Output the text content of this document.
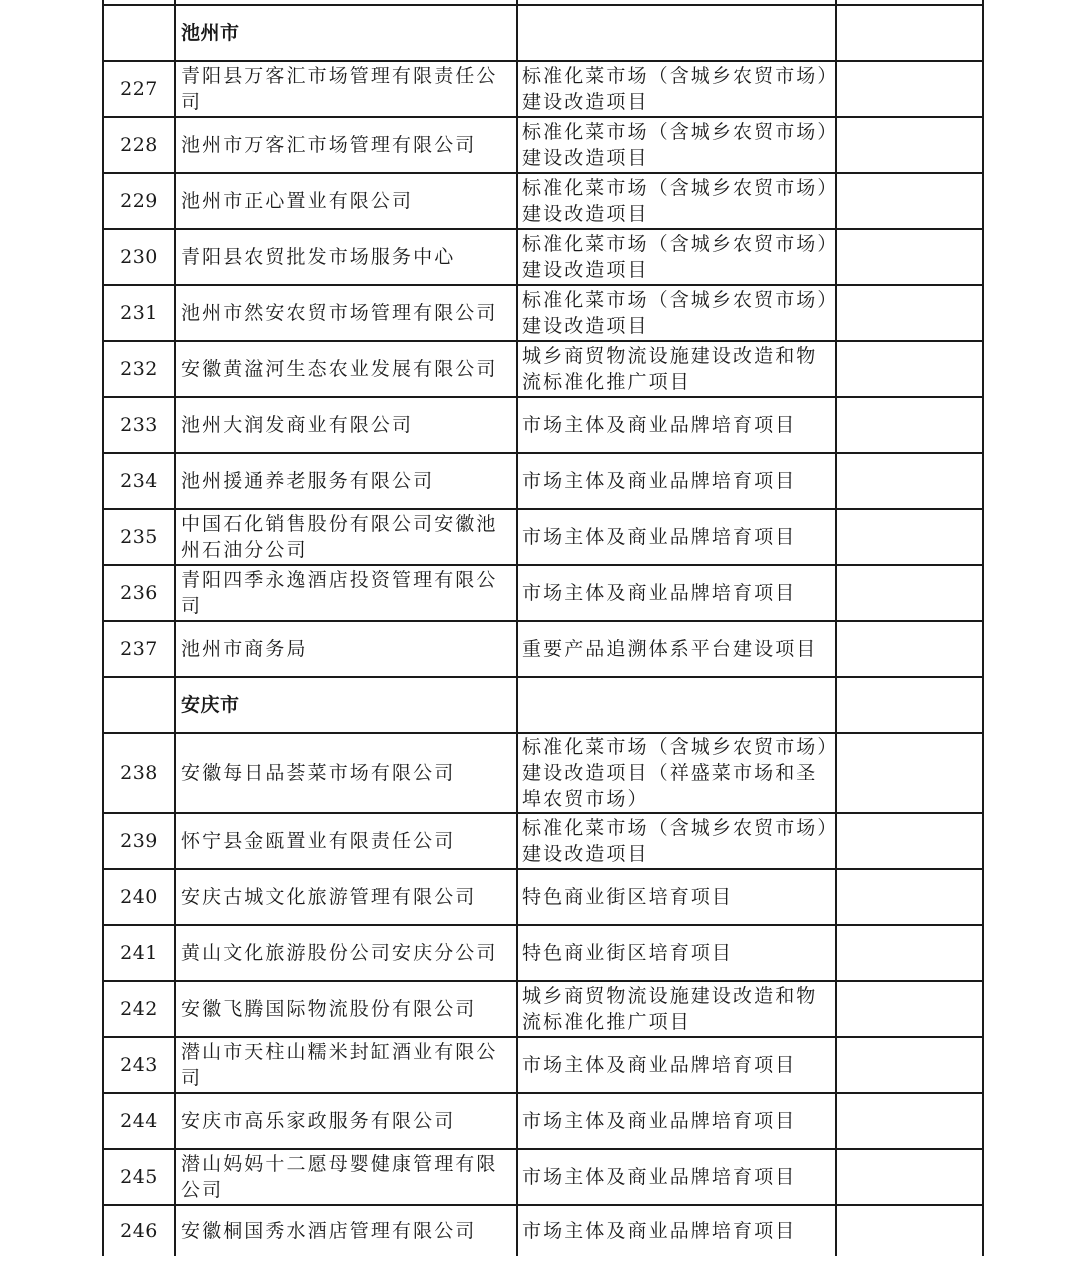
	池州市		
227	青阳县万客汇市场管理有限责任公司	标准化菜市场（含城乡农贸市场）建设改造项目	
228	池州市万客汇市场管理有限公司	标准化菜市场（含城乡农贸市场）建设改造项目	
229	池州市正心置业有限公司	标准化菜市场（含城乡农贸市场）建设改造项目	
230	青阳县农贸批发市场服务中心	标准化菜市场（含城乡农贸市场）建设改造项目	
231	池州市然安农贸市场管理有限公司	标准化菜市场（含城乡农贸市场）建设改造项目	
232	安徽黄湓河生态农业发展有限公司	城乡商贸物流设施建设改造和物流标准化推广项目	
233	池州大润发商业有限公司	市场主体及商业品牌培育项目	
234	池州援通养老服务有限公司	市场主体及商业品牌培育项目	
235	中国石化销售股份有限公司安徽池州石油分公司	市场主体及商业品牌培育项目	
236	青阳四季永逸酒店投资管理有限公司	市场主体及商业品牌培育项目	
237	池州市商务局	重要产品追溯体系平台建设项目	
	安庆市		
238	安徽每日品荟菜市场有限公司	标准化菜市场（含城乡农贸市场）建设改造项目（祥盛菜市场和圣埠农贸市场）	
239	怀宁县金瓯置业有限责任公司	标准化菜市场（含城乡农贸市场）建设改造项目	
240	安庆古城文化旅游管理有限公司	特色商业街区培育项目	
241	黄山文化旅游股份公司安庆分公司	特色商业街区培育项目	
242	安徽飞腾国际物流股份有限公司	城乡商贸物流设施建设改造和物流标准化推广项目	
243	潜山市天柱山糯米封缸酒业有限公司	市场主体及商业品牌培育项目	
244	安庆市高乐家政服务有限公司	市场主体及商业品牌培育项目	
245	潜山妈妈十二愿母婴健康管理有限公司	市场主体及商业品牌培育项目	
246	安徽桐国秀水酒店管理有限公司	市场主体及商业品牌培育项目	
